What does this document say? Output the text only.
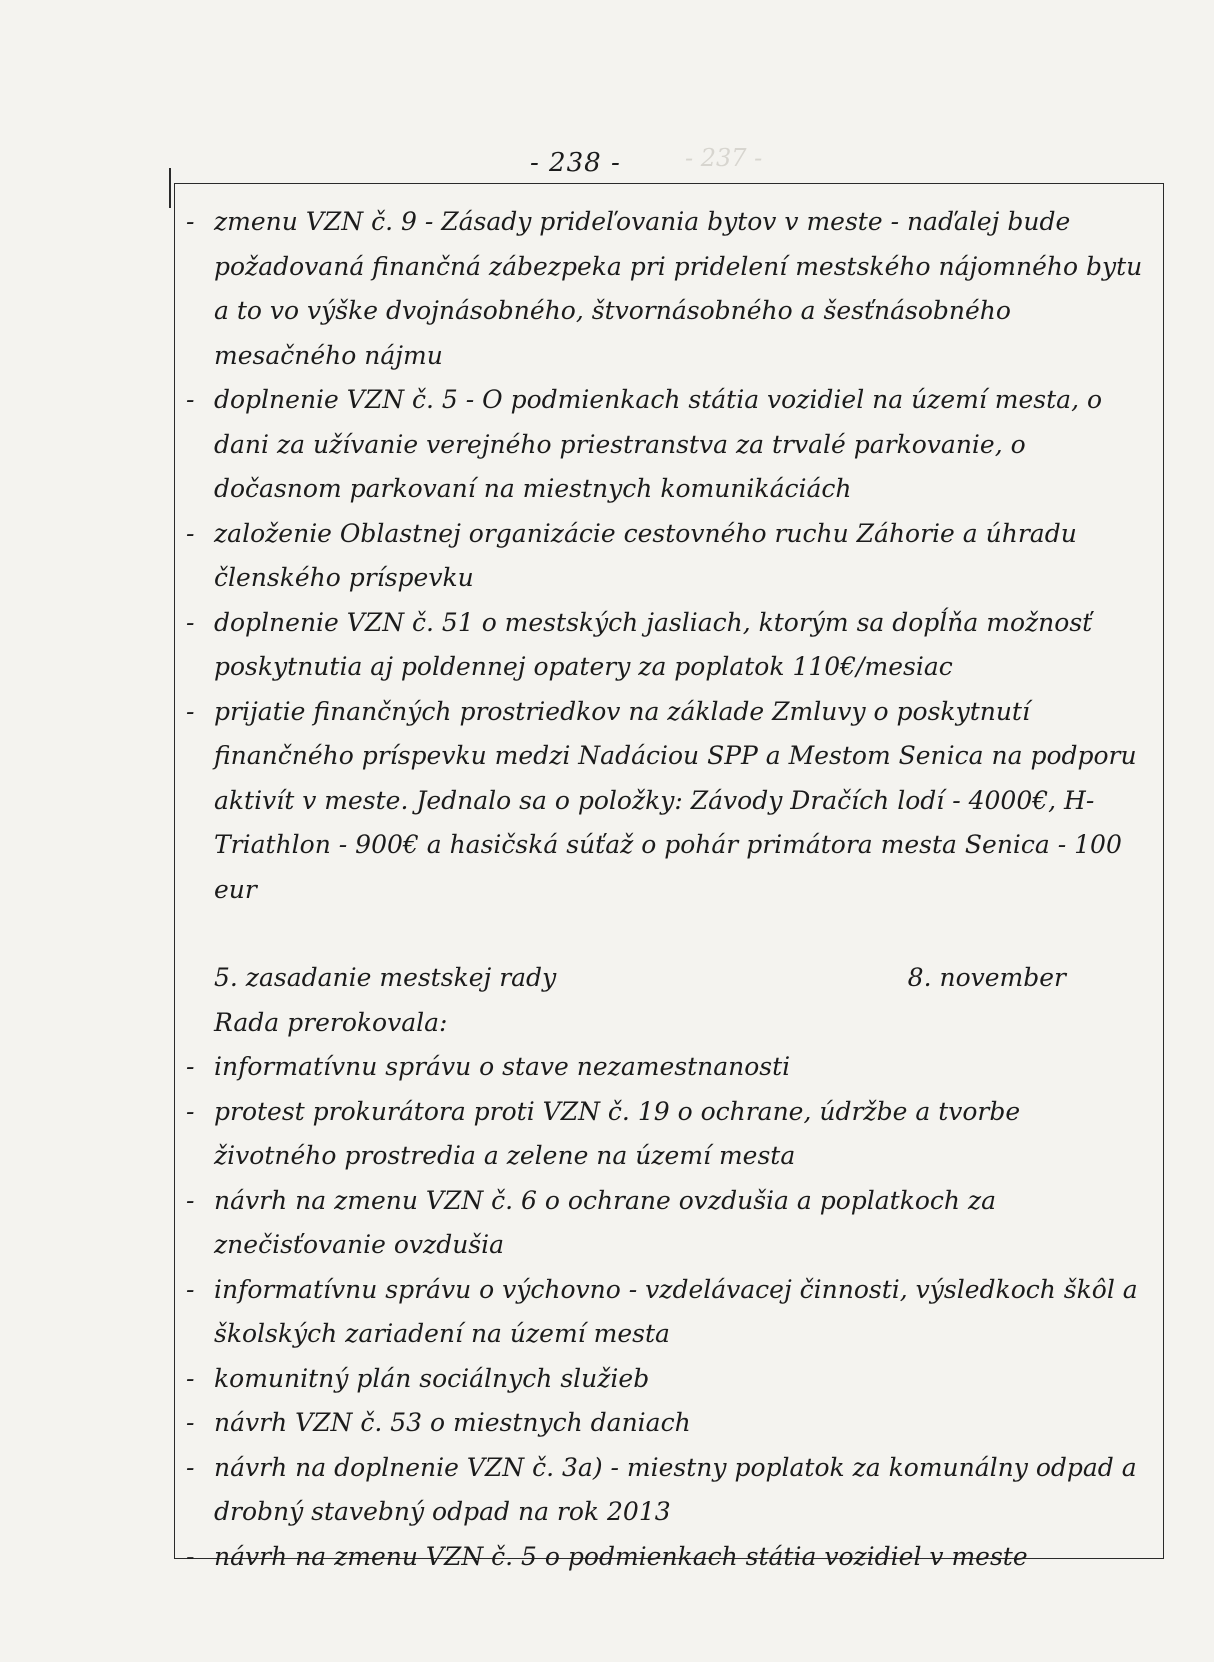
- 238 -	- 237 -
- zmenu VZN č. 9 - Zásady prideľovania bytov v meste - naďalej bude požadovaná finančná zábezpeka pri pridelení mestského nájomného bytu a to vo výške dvojnásobného, štvornásobného a šesťnásobného mesačného nájmu
- doplnenie VZN č. 5 - O podmienkach státia vozidiel na území mesta, o dani za užívanie verejného priestranstva za trvalé parkovanie, o dočasnom parkovaní na miestnych komunikáciách
- založenie Oblastnej organizácie cestovného ruchu Záhorie a úhradu členského príspevku
- doplnenie VZN č. 51 o mestských jasliach, ktorým sa dopĺňa možnosť poskytnutia aj poldennej opatery za poplatok 110€/mesiac
- prijatie finančných prostriedkov na základe Zmluvy o poskytnutí finančného príspevku medzi Nadáciou SPP a Mestom Senica na podporu aktivít v meste. Jednalo sa o položky: Závody Dračích lodí - 4000€, H-Triathlon - 900€ a hasičská súťaž o pohár primátora mesta Senica - 100 eur
5. zasadanie mestskej rady	8. november
Rada prerokovala:
- informatívnu správu o stave nezamestnanosti
- protest prokurátora proti VZN č. 19 o ochrane, údržbe a tvorbe životného prostredia a zelene na území mesta
- návrh na zmenu VZN č. 6 o ochrane ovzdušia a poplatkoch za znečisťovanie ovzdušia
- informatívnu správu o výchovno - vzdelávacej činnosti, výsledkoch škôl a školských zariadení na území mesta
- komunitný plán sociálnych služieb
- návrh VZN č. 53 o miestnych daniach
- návrh na doplnenie VZN č. 3a) - miestny poplatok za komunálny odpad a drobný stavebný odpad na rok 2013
- návrh na zmenu VZN č. 5 o podmienkach státia vozidiel v meste
